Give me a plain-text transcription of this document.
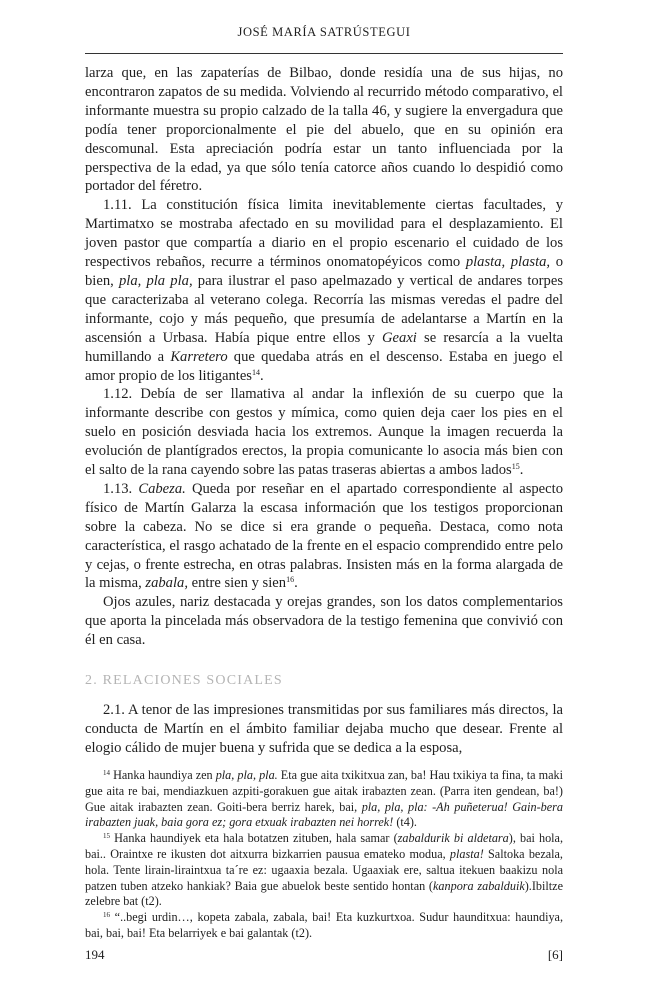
JOSÉ MARÍA SATRÚSTEGUI

larza que, en las zapaterías de Bilbao, donde residía una de sus hijas, no encontraron zapatos de su medida. Volviendo al recurrido método comparativo, el informante muestra su propio calzado de la talla 46, y sugiere la envergadura que podía tener proporcionalmente el pie del abuelo, que en su opinión era descomunal. Esta apreciación podría estar un tanto influenciada por la perspectiva de la edad, ya que sólo tenía catorce años cuando lo despidió como portador del féretro.

1.11. La constitución física limita inevitablemente ciertas facultades, y Martimatxo se mostraba afectado en su movilidad para el desplazamiento. El joven pastor que compartía a diario en el propio escenario el cuidado de los respectivos rebaños, recurre a términos onomatopéyicos como plasta, plasta, o bien, pla, pla pla, para ilustrar el paso apelmazado y vertical de andares torpes que caracterizaba al veterano colega. Recorría las mismas veredas el padre del informante, cojo y más pequeño, que presumía de adelantarse a Martín en la ascensión a Urbasa. Había pique entre ellos y Geaxi se resarcía a la vuelta humillando a Karretero que quedaba atrás en el descenso. Estaba en juego el amor propio de los litigantes$^{14}$.

1.12. Debía de ser llamativa al andar la inflexión de su cuerpo que la informante describe con gestos y mímica, como quien deja caer los pies en el suelo en posición desviada hacia los extremos. Aunque la imagen recuerda la evolución de plantígrados erectos, la propia comunicante lo asocia más bien con el salto de la rana cayendo sobre las patas traseras abiertas a ambos lados$^{15}$.

1.13. Cabeza. Queda por reseñar en el apartado correspondiente al aspecto físico de Martín Galarza la escasa información que los testigos proporcionan sobre la cabeza. No se dice si era grande o pequeña. Destaca, como nota característica, el rasgo achatado de la frente en el espacio comprendido entre pelo y cejas, o frente estrecha, en otras palabras. Insisten más en la forma alargada de la misma, zabala, entre sien y sien$^{16}$.

Ojos azules, nariz destacada y orejas grandes, son los datos complementarios que aporta la pincelada más observadora de la testigo femenina que convivió con él en casa.

2. RELACIONES SOCIALES

2.1. A tenor de las impresiones transmitidas por sus familiares más directos, la conducta de Martín en el ámbito familiar dejaba mucho que desear. Frente al elogio cálido de mujer buena y sufrida que se dedica a la esposa,

$^{14}$ Hanka haundiya zen pla, pla, pla. Eta gue aita txikitxua zan, ba! Hau txikiya ta fina, ta maki gue aita re bai, mendiazkuen azpiti-gorakuen gue aitak irabazten zean. (Parra iten gendean, ba!) Gue aitak irabazten zean. Goiti-bera berriz harek, bai, pla, pla, pla: -Ah puñeterua! Gain-bera irabazten juak, baia gora ez; gora etxuak irabazten nei horrek! (t4).

$^{15}$ Hanka haundiyek eta hala botatzen zituben, hala samar (zabaldurik bi aldetara), bai hola, bai.. Oraintxe re ikusten dot aitxurra bizkarrien pausua emateko modua, plasta! Saltoka bezala, hola. Tente lirain-liraintxua ta´re ez: ugaaxia bezala. Ugaaxiak ere, saltua itekuen baakizu nola patzen tuben atzeko hankiak? Baia gue abuelok beste sentido hontan (kanpora zabalduik).Ibiltze zelebre bat (t2).

$^{16}$ “..begi urdin…, kopeta zabala, zabala, bai! Eta kuzkurtxoa. Sudur haunditxua: haundiya, bai, bai, bai! Eta belarriyek e bai galantak (t2).

194	[6]
